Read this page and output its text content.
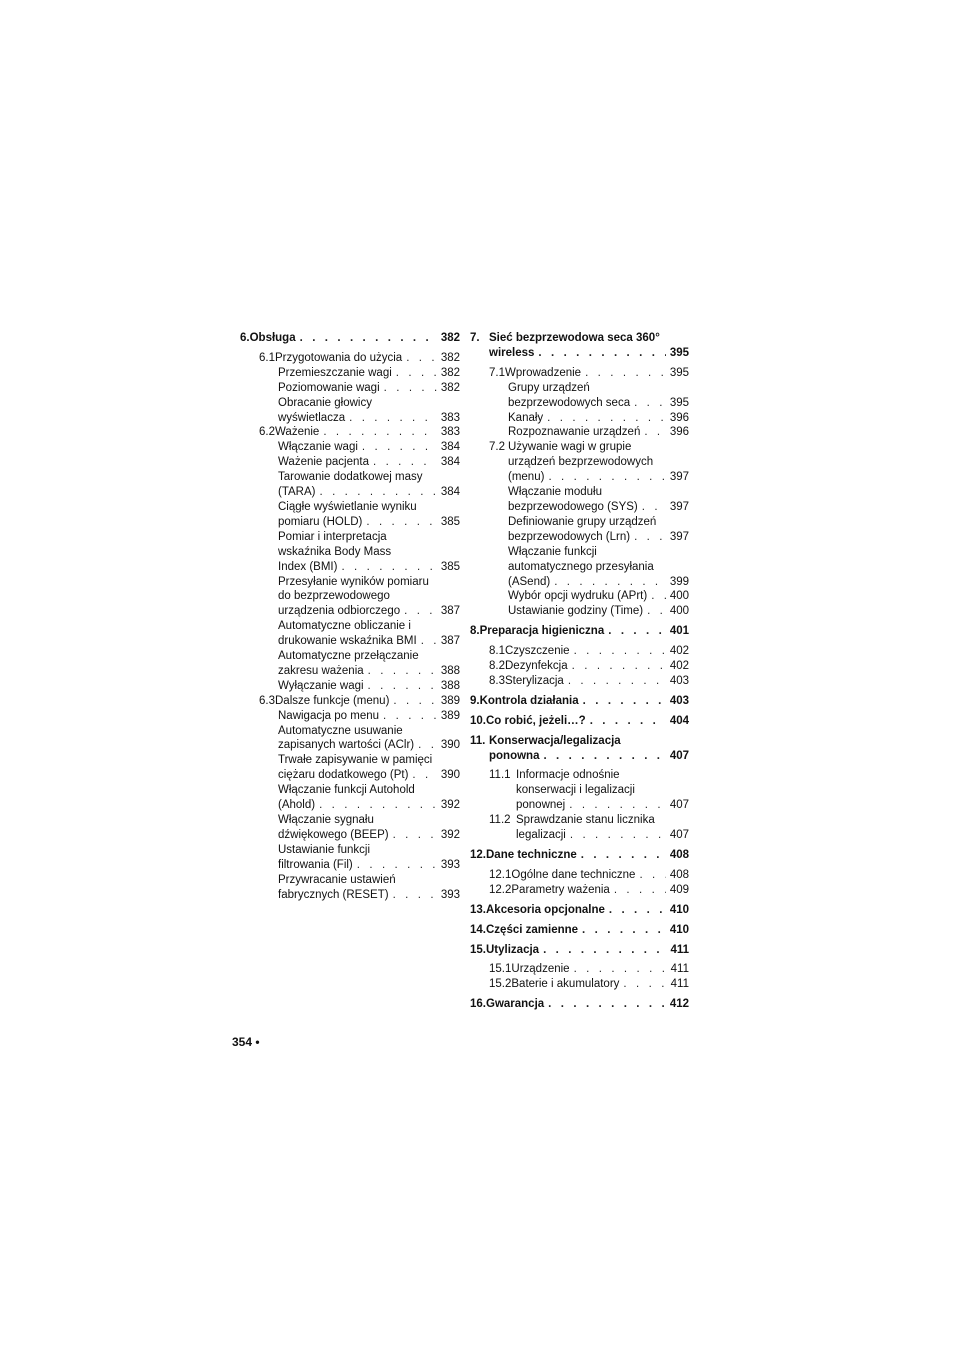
6. Obsługa . . .	382
6.1 Przygotowania do użycia . . .	382
Przemieszczanie wagi . . .	382
Poziomowanie wagi . . .	382
Obracanie głowicy
wyświetlacza . . .	383
6.2 Ważenie . . .	383
Włączanie wagi . . .	384
Ważenie pacjenta . . .	384
Tarowanie dodatkowej masy
(TARA) . . .	384
Ciągłe wyświetlanie wyniku
pomiaru (HOLD) . . .	385
Pomiar i interpretacja
wskaźnika Body Mass
Index (BMI) . . .	385
Przesyłanie wyników pomiaru
do bezprzewodowego
urządzenia odbiorczego . . .	387
Automatyczne obliczanie i
drukowanie wskaźnika BMI . . . 387
Automatyczne przełączanie
zakresu ważenia . . .	388
Wyłączanie wagi . . .	388
6.3 Dalsze funkcje (menu) . . .	389
Nawigacja po menu . . .	389
Automatyczne usuwanie
zapisanych wartości (AClr) . . . 390
Trwałe zapisywanie w pamięci
ciężaru dodatkowego (Pt) . . .	390
Włączanie funkcji Autohold
(Ahold) . . .	392
Włączanie sygnału
dźwiękowego (BEEP) . . .	392
Ustawianie funkcji
filtrowania (Fil) . . .	393
Przywracanie ustawień
fabrycznych (RESET) . . .	393
7. Sieć bezprzewodowa seca 360°
wireless . . .	395
7.1 Wprowadzenie . . .	395
Grupy urządzeń
bezprzewodowych seca . . .	395
Kanały . . .	396
Rozpoznawanie urządzeń . . .	396
7.2 Używanie wagi w grupie
urządzeń bezprzewodowych
(menu) . . .	397
Włączanie modułu
bezprzewodowego (SYS) . . .	397
Definiowanie grupy urządzeń
bezprzewodowych (Lrn) . . .	397
Włączanie funkcji
automatycznego przesyłania
(ASend) . . .	399
Wybór opcji wydruku (APrt) . . . 400
Ustawianie godziny (Time) . . . 400
8. Preparacja higieniczna . . .	401
8.1 Czyszczenie . . .	402
8.2 Dezynfekcja . . .	402
8.3 Sterylizacja . . .	403
9. Kontrola działania . . .	403
10. Co robić, jeżeli…? . . .	404
11. Konserwacja/legalizacja
ponowna . . .	407
11.1 Informacje odnośnie
konserwacji i legalizacji
ponownej . . .	407
11.2 Sprawdzanie stanu licznika
legalizacji . . .	407
12. Dane techniczne . . .	408
12.1 Ogólne dane techniczne . . .	408
12.2 Parametry ważenia . . .	409
13. Akcesoria opcjonalne . . .	410
14. Części zamienne . . .	410
15. Utylizacja . . .	411
15.1 Urządzenie . . .	411
15.2 Baterie i akumulatory . . .	411
16. Gwarancja . . .	412
354 •
